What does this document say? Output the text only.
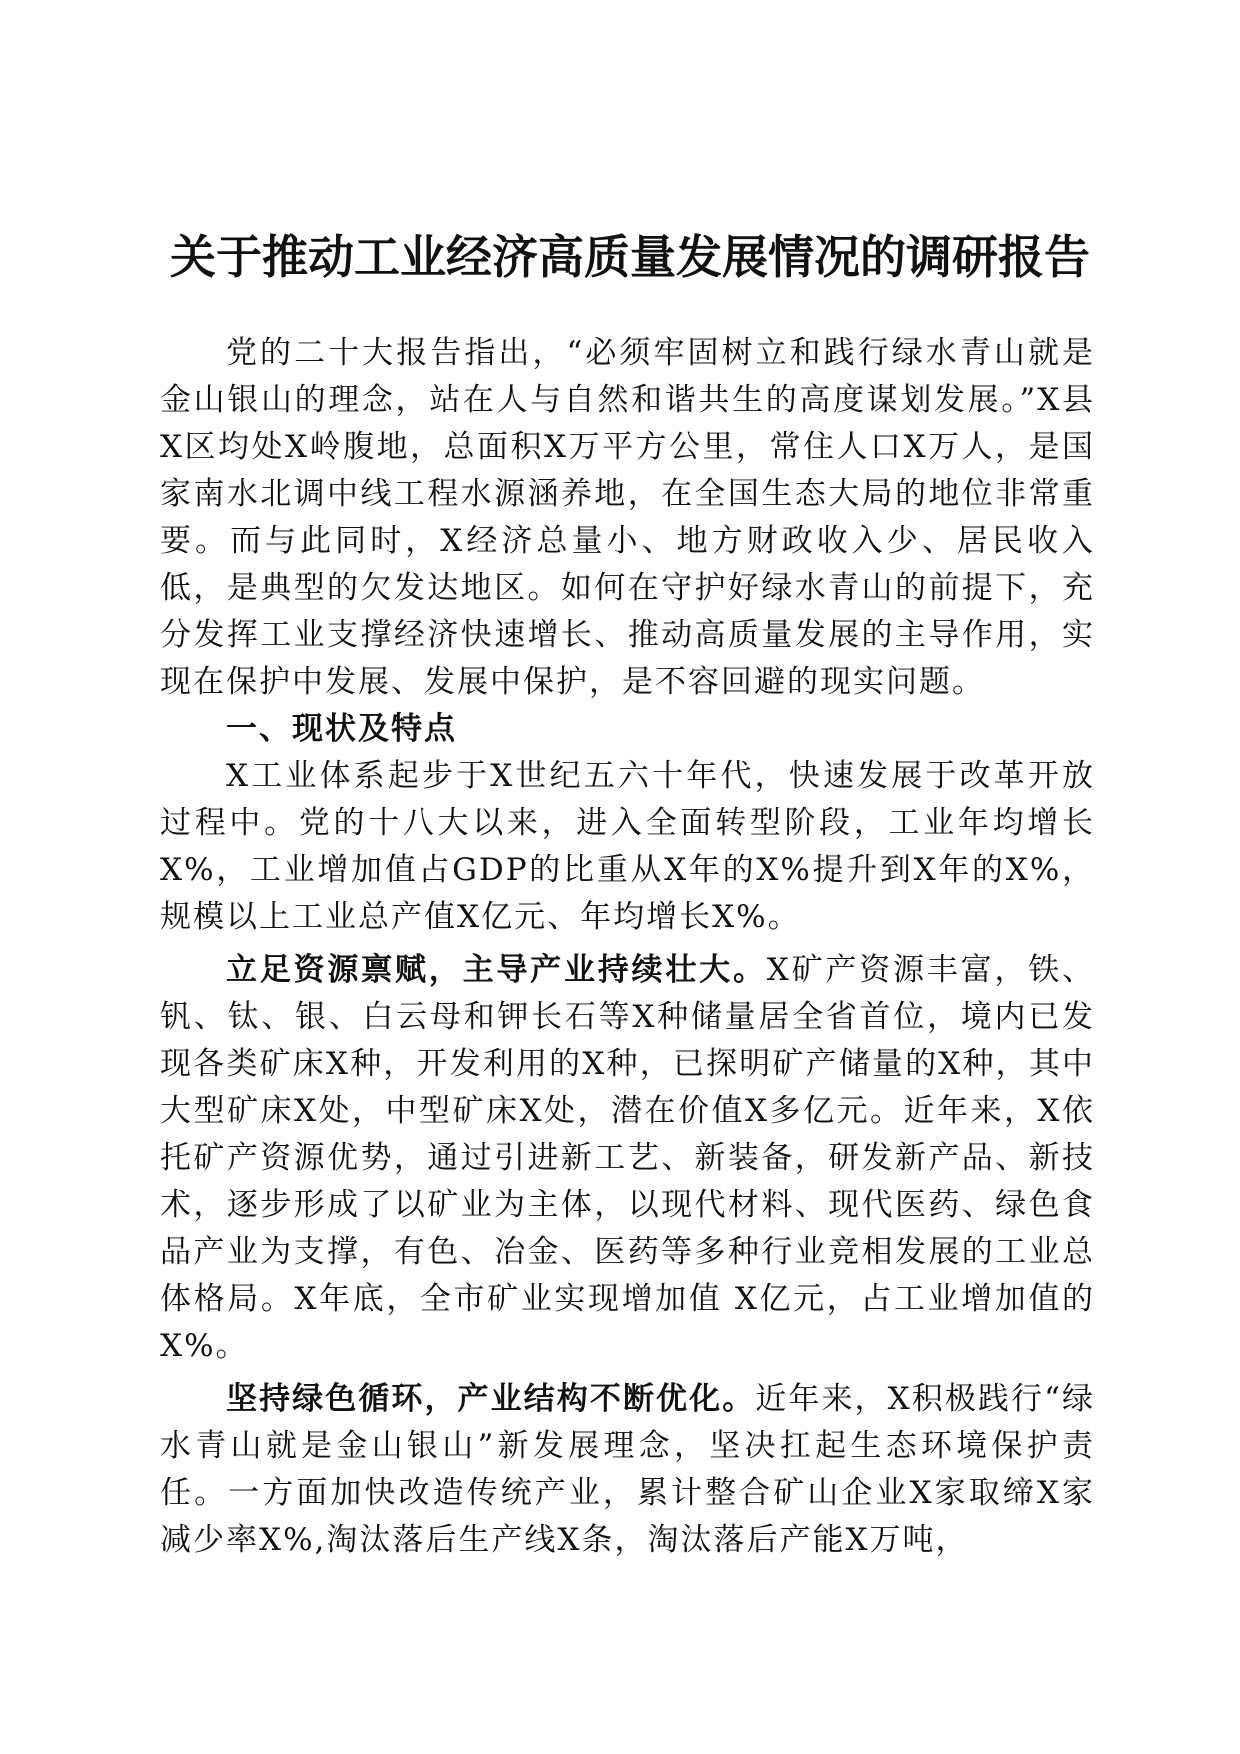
关于推动工业经济高质量发展情况的调研报告

党的二十大报告指出，“必须牢固树立和践行绿水青山就是金山银山的理念，站在人与自然和谐共生的高度谋划发展。”X县X区均处X岭腹地，总面积X万平方公里，常住人口X万人，是国家南水北调中线工程水源涵养地，在全国生态大局的地位非常重要。而与此同时，X经济总量小、地方财政收入少、居民收入低，是典型的欠发达地区。如何在守护好绿水青山的前提下，充分发挥工业支撑经济快速增长、推动高质量发展的主导作用，实现在保护中发展、发展中保护，是不容回避的现实问题。

一、现状及特点

X工业体系起步于X世纪五六十年代，快速发展于改革开放过程中。党的十八大以来，进入全面转型阶段，工业年均增长X%，工业增加值占GDP的比重从X年的X%提升到X年的X%，规模以上工业总产值X亿元、年均增长X%。

立足资源禀赋，主导产业持续壮大。X矿产资源丰富，铁、钒、钛、银、白云母和钾长石等X种储量居全省首位，境内已发现各类矿床X种，开发利用的X种，已探明矿产储量的X种，其中大型矿床X处，中型矿床X处，潜在价值X多亿元。近年来，X依托矿产资源优势，通过引进新工艺、新装备，研发新产品、新技术，逐步形成了以矿业为主体，以现代材料、现代医药、绿色食品产业为支撑，有色、冶金、医药等多种行业竞相发展的工业总体格局。X年底，全市矿业实现增加值 X亿元，占工业增加值的X%。

坚持绿色循环，产业结构不断优化。近年来，X积极践行“绿水青山就是金山银山”新发展理念，坚决扛起生态环境保护责任。一方面加快改造传统产业，累计整合矿山企业X家取缔X家减少率X%,淘汰落后生产线X条，淘汰落后产能X万吨，
